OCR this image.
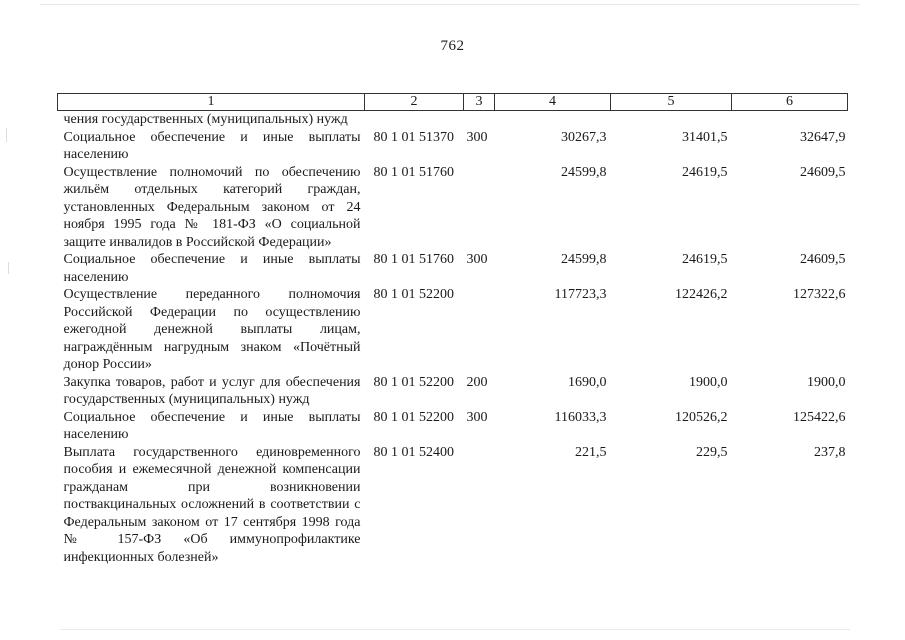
762
1	2	3	4	5	6
чения государственных (муниципальных) нужд					
Социальное обеспечение и иные выплаты населению	80 1 01 51370	300	30267,3	31401,5	32647,9
Осуществление полномочий по обеспечению жильём отдельных категорий граждан, установленных Федеральным законом от 24 ноября 1995 года № 181-ФЗ «О социальной защите инвалидов в Российской Федерации»	80 1 01 51760		24599,8	24619,5	24609,5
Социальное обеспечение и иные выплаты населению	80 1 01 51760	300	24599,8	24619,5	24609,5
Осуществление переданного полномочия Российской Федерации по осуществлению ежегодной денежной выплаты лицам, награждённым нагрудным знаком «Почётный донор России»	80 1 01 52200		117723,3	122426,2	127322,6
Закупка товаров, работ и услуг для обеспечения государственных (муниципальных) нужд	80 1 01 52200	200	1690,0	1900,0	1900,0
Социальное обеспечение и иные выплаты населению	80 1 01 52200	300	116033,3	120526,2	125422,6
Выплата государственного единовременного пособия и ежемесячной денежной компенсации гражданам при возникновении поствакцинальных осложнений в соответствии с Федеральным законом от 17 сентября 1998 года № 157-ФЗ «Об иммунопрофилактике инфекционных болезней»	80 1 01 52400		221,5	229,5	237,8
